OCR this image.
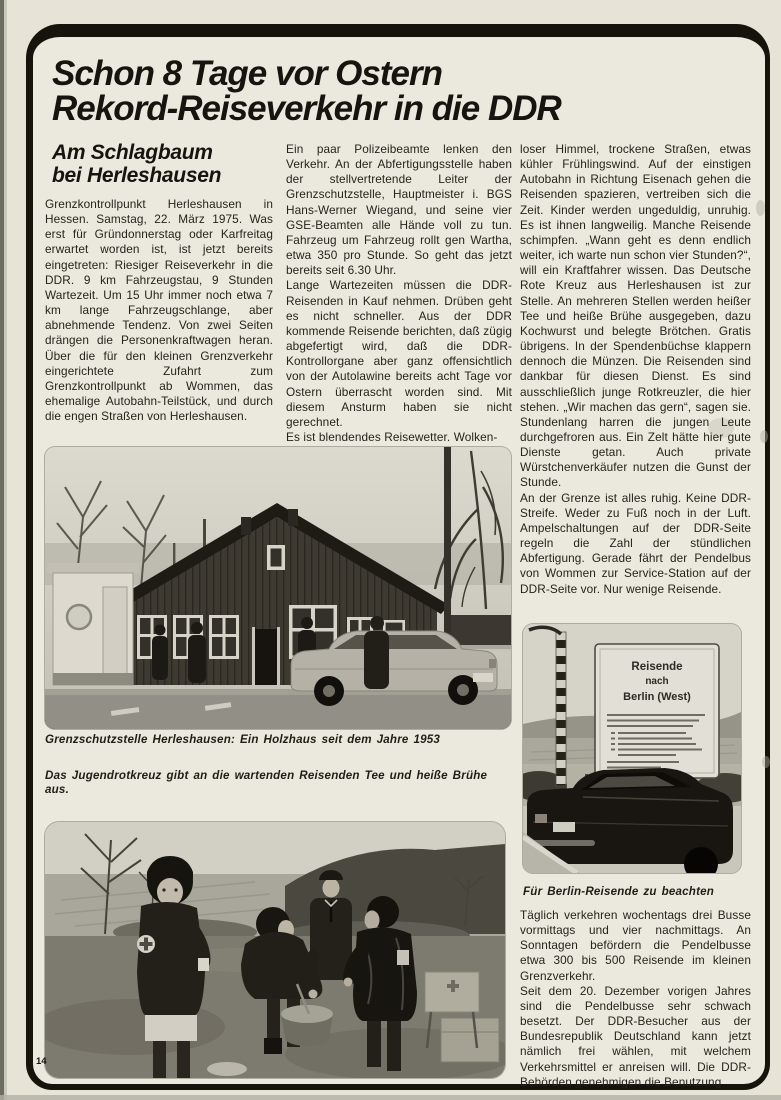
Schon 8 Tage vor Ostern
Rekord-Reiseverkehr in die DDR
Am Schlagbaum
bei Herleshausen

Grenzkontrollpunkt Herleshausen in Hessen. Samstag, 22. März 1975. Was erst für Gründonnerstag oder Karfreitag erwartet worden ist, ist jetzt bereits eingetreten: Riesiger Reiseverkehr in die DDR. 9 km Fahrzeugstau, 9 Stunden Wartezeit. Um 15 Uhr immer noch etwa 7 km lange Fahrzeugschlange, aber abnehmende Tendenz. Von zwei Seiten drängen die Personenkraftwagen heran. Über die für den kleinen Grenzverkehr eingerichtete Zufahrt zum Grenzkontrollpunkt ab Wommen, das ehemalige Autobahn-Teilstück, und durch die engen Straßen von Herleshausen.

Ein paar Polizeibeamte lenken den Verkehr. An der Abfertigungsstelle haben der stellvertretende Leiter der Grenzschutzstelle, Hauptmeister i. BGS Hans-Werner Wiegand, und seine vier GSE-Beamten alle Hände voll zu tun. Fahrzeug um Fahrzeug rollt gen Wartha, etwa 350 pro Stunde. So geht das jetzt bereits seit 6.30 Uhr.

Lange Wartezeiten müssen die DDR-Reisenden in Kauf nehmen. Drüben geht es nicht schneller. Aus der DDR kommende Reisende berichten, daß zügig abgefertigt wird, daß die DDR-Kontrollorgane aber ganz offensichtlich von der Autolawine bereits acht Tage vor Ostern überrascht worden sind. Mit diesem Ansturm haben sie nicht gerechnet.

Es ist blendendes Reisewetter. Wolken-

loser Himmel, trockene Straßen, etwas kühler Frühlingswind. Auf der einstigen Autobahn in Richtung Eisenach gehen die Reisenden spazieren, vertreiben sich die Zeit. Kinder werden ungeduldig, unruhig. Es ist ihnen langweilig. Manche Reisende schimpfen. „Wann geht es denn endlich weiter, ich warte nun schon vier Stunden?“, will ein Kraftfahrer wissen. Das Deutsche Rote Kreuz aus Herleshausen ist zur Stelle. An mehreren Stellen werden heißer Tee und heiße Brühe ausgegeben, dazu Kochwurst und belegte Brötchen. Gratis übrigens. In der Spendenbüchse klappern dennoch die Münzen. Die Reisenden sind dankbar für diesen Dienst. Es sind ausschließlich junge Rotkreuzler, die hier stehen. „Wir machen das gern“, sagen sie. Stundenlang harren die jungen Leute durchgefroren aus. Ein Zelt hätte hier gute Dienste getan. Auch private Würstchenverkäufer nutzen die Gunst der Stunde.

An der Grenze ist alles ruhig. Keine DDR-Streife. Weder zu Fuß noch in der Luft. Ampelschaltungen auf der DDR-Seite regeln die Zahl der stündlichen Abfertigung. Gerade fährt der Pendelbus von Wommen zur Service-Station auf der DDR-Seite vor. Nur wenige Reisende.

Grenzschutzstelle Herleshausen: Ein Holzhaus seit dem Jahre 1953
Das Jugendrotkreuz gibt an die wartenden Reisenden Tee und heiße Brühe aus.
Reisende
nach
Berlin (West)
Für Berlin-Reisende zu beachten

Täglich verkehren wochentags drei Busse vormittags und vier nachmittags. An Sonntagen befördern die Pendelbusse etwa 300 bis 500 Reisende im kleinen Grenzverkehr.

Seit dem 20. Dezember vorigen Jahres sind die Pendelbusse sehr schwach besetzt. Der DDR-Besucher aus der Bundesrepublik Deutschland kann jetzt nämlich frei wählen, mit welchem Verkehrsmittel er anreisen will. Die DDR-Behörden genehmigen die Benutzung

14
